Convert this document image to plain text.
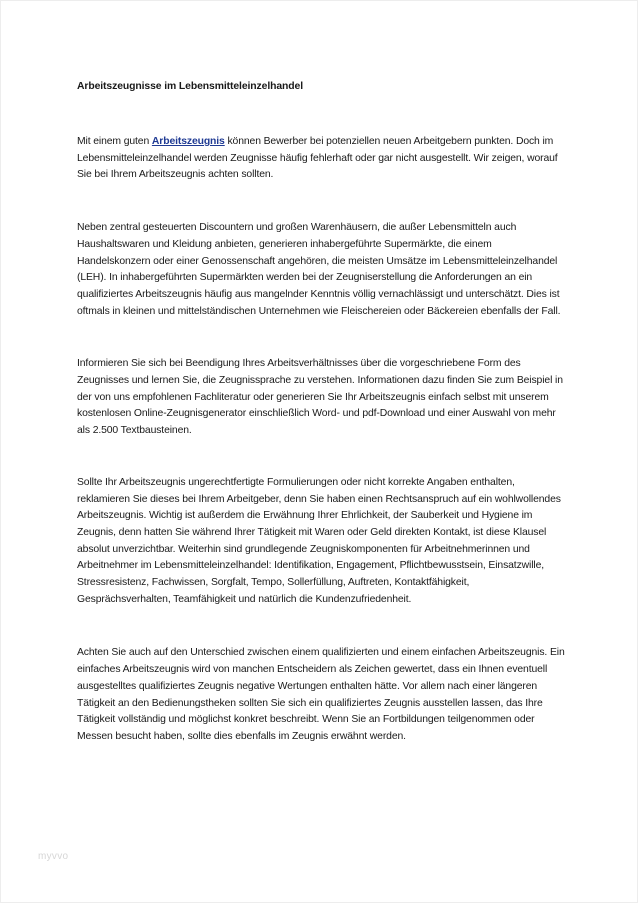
Arbeitszeugnisse im Lebensmitteleinzelhandel

Mit einem guten Arbeitszeugnis können Bewerber bei potenziellen neuen Arbeitgebern punkten. Doch im Lebensmitteleinzelhandel werden Zeugnisse häufig fehlerhaft oder gar nicht ausgestellt. Wir zeigen, worauf Sie bei Ihrem Arbeitszeugnis achten sollten.

Neben zentral gesteuerten Discountern und großen Warenhäusern, die außer Lebensmitteln auch Haushaltswaren und Kleidung anbieten, generieren inhabergeführte Supermärkte, die einem Handelskonzern oder einer Genossenschaft angehören, die meisten Umsätze im Lebensmitteleinzelhandel (LEH). In inhabergeführten Supermärkten werden bei der Zeugniserstellung die Anforderungen an ein qualifiziertes Arbeitszeugnis häufig aus mangelnder Kenntnis völlig vernachlässigt und unterschätzt. Dies ist oftmals in kleinen und mittelständischen Unternehmen wie Fleischereien oder Bäckereien ebenfalls der Fall.

Informieren Sie sich bei Beendigung Ihres Arbeitsverhältnisses über die vorgeschriebene Form des Zeugnisses und lernen Sie, die Zeugnissprache zu verstehen. Informationen dazu finden Sie zum Beispiel in der von uns empfohlenen Fachliteratur oder generieren Sie Ihr Arbeitszeugnis einfach selbst mit unserem kostenlosen Online-Zeugnisgenerator einschließlich Word- und pdf-Download und einer Auswahl von mehr als 2.500 Textbausteinen.

Sollte Ihr Arbeitszeugnis ungerechtfertigte Formulierungen oder nicht korrekte Angaben enthalten, reklamieren Sie dieses bei Ihrem Arbeitgeber, denn Sie haben einen Rechtsanspruch auf ein wohlwollendes Arbeitszeugnis. Wichtig ist außerdem die Erwähnung Ihrer Ehrlichkeit, der Sauberkeit und Hygiene im Zeugnis, denn hatten Sie während Ihrer Tätigkeit mit Waren oder Geld direkten Kontakt, ist diese Klausel absolut unverzichtbar. Weiterhin sind grundlegende Zeugniskomponenten für Arbeitnehmerinnen und Arbeitnehmer im Lebensmitteleinzelhandel: Identifikation, Engagement, Pflichtbewusstsein, Einsatzwille, Stressresistenz, Fachwissen, Sorgfalt, Tempo, Sollerfüllung, Auftreten, Kontaktfähigkeit, Gesprächsverhalten, Teamfähigkeit und natürlich die Kundenzufriedenheit.

Achten Sie auch auf den Unterschied zwischen einem qualifizierten und einem einfachen Arbeitszeugnis. Ein einfaches Arbeitszeugnis wird von manchen Entscheidern als Zeichen gewertet, dass ein Ihnen eventuell ausgestelltes qualifiziertes Zeugnis negative Wertungen enthalten hätte. Vor allem nach einer längeren Tätigkeit an den Bedienungstheken sollten Sie sich ein qualifiziertes Zeugnis ausstellen lassen, das Ihre Tätigkeit vollständig und möglichst konkret beschreibt. Wenn Sie an Fortbildungen teilgenommen oder Messen besucht haben, sollte dies ebenfalls im Zeugnis erwähnt werden.

myvvo
